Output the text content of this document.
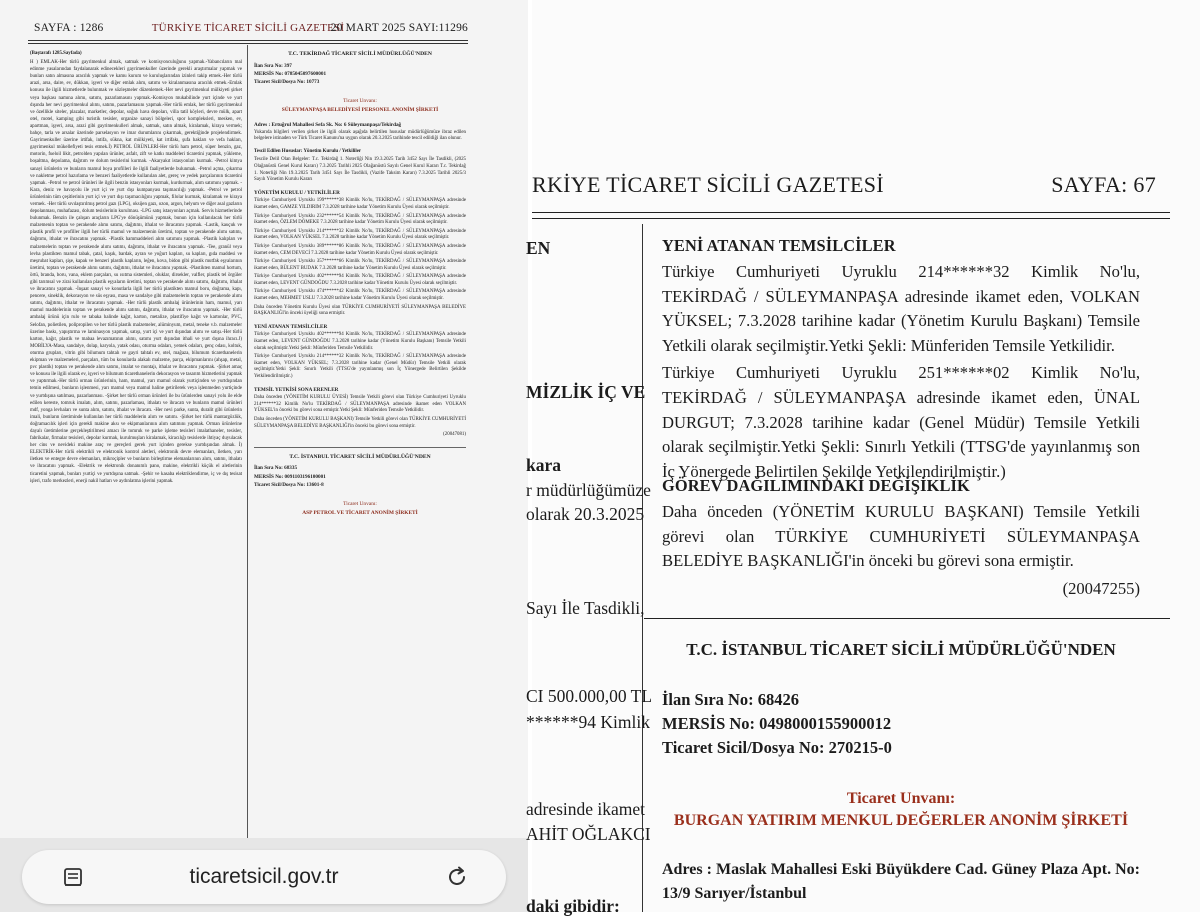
SAYFA : 1286	TÜRKİYE TİCARET SİCİLİ GAZETESİ
20 MART 2025 SAYI:11296
(Baştarafı 1285.Sayfada)
H ) EMLAK-Her türlü gayrimenkul almak, satmak ve komisyonculuğunu yapmak.-Yabancıların mal edinme yasalarından faydalanarak edinecekleri gayrimenkuller üzerinde gerekli araştırmalar yapmak ve bunları satın almasına aracılık yapmak ve kamu kurum ve kuruluşlarından izinleri takip etmek.-Her türlü arazi, arsa, daire, ev, dükkan, işyeri ve diğer emlak alım, satımı ve kiralanmasına aracılık etmek.-Emlak konusu ile ilgili hizmetlerde bulunmak ve sözleşmeler düzenlemek.-Her nevi gayrimenkul mülkiyeti şirket veya başkası namına alımı, satımı, pazarlamasını yapmak.-Komisyon mukabilinde yurt içinde ve yurt dışında her nevi gayrimenkul alımı, satımı, pazarlamasını yapmak.-Her türlü emlak, her türlü gayrimenkul ve özellikle siteler, plazalar, marketler, depolar, soğuk hava depoları, villa tatil köyleri, devre mülk, apart otel, motel, kamping gibi turistik tesisler, organize sanayi bölgeleri, spor kompleksleri, mesken, ev, apartman, işyeri, arsa, arazi gibi gayrimenkulleri almak, satmak, satın almak, kiralamak, kiraya vermek; bahçe, tarla ve arsalar üzerinde parselasyon ve imar durumlarını çıkarmak, gerektiğinde projelendirmek. Gayrimenkuller üzerine irtifak, intifa, sükna, kat mülkiyeti, kat irtifakı, şufa hakları ve vefa hakları, gayrimenkul mükellefiyeti tesis etmek.İ) PETROL ÜRÜNLERİ-Her türlü ham petrol, süper benzin, gaz, motorin, fueloil likit, petrolden yapılan ürünler, asfalt, zift ve katkı maddeleri ticaretini yapmak, yükleme, boşaltma, depolama, dağıtım ve dolum tesislerini kurmak. -Akaryakıt istasyonları kurmak. -Petrol kimya sanayi ürünlerin ve bunların mamul boya profilleri ile ilgili faaliyetlerde bulunmak. -Petrol açma, çıkarma ve nakletme petrol hazırlama ve benzeri faaliyetlerde kullanılan alet, gereç ve yedek parçalarının ticaretini yapmak. -Petrol ve petrol ürünleri ile ilgili benzin istasyonları kurmak, kurdurmak, alım satımını yapmak. -Kara, deniz ve havayolu ile yurt içi ve yurt dışı kumpanyası taşımacılığı yapmak. -Petrol ve petrol ürünlerinin tüm çeşitlerinin yurt içi ve yurt dışı taşımacılığını yapmak, filolar kurmak, kiralamak ve kiraya vermek. -Her türlü sıvılaştırılmış petrol gazı (LPG), oksijen gazı, ozon, argon, helyum ve diğer asal gazların depolanması, muhafazası, dolum tesislerinin kurulması. -LPG satış istasyonları açmak. Servis hizmetlerinde bulunmak. Benzin ile çalışan araçların LPG'ye dönüşümünü yapmak, bunun için kullanılacak her türlü malzemenin toptan ve perakende alımı satımı, dağıtımı, ithalat ve ihracatını yapmak. -Lastik, kauçuk ve plastik profil ve profiller ilgili her türlü mamul ve malzemenin üretimi, toptan ve perakende alımı satımı, dağıtımı, ithalat ve ihracatını yapmak. -Plastik hammaddeleri alım satımını yapmak. -Plastik kalıpları ve malzemelerin toptan ve perakende alımı satımı, dağıtımı, ithalat ve ihracatını yapmak. -Tee, granül veya levha plastikten mamul tabak, çatal, kaşık, bardak, ayran ve yoğurt kapları, su kapları, gıda maddesi ve meşrubat kapları, şişe, kapak ve benzeri plastik kapların, leğen, kova, bidon gibi plastik mutfak eşyalarının üretimi, toptan ve perakende alımı satımı, dağıtımı, ithalat ve ihracatını yapmak. -Plastikten mamul hortum, örtü, branda, boru, vana, eklem parçaları, su ısıtma sistemleri, oluklar, dirsekler, valfler, plastik tel örgüler gibi tarımsal ve zirai kullanılan plastik eşyaların üretimi, toptan ve perakende alımı satımı, dağıtımı, ithalat ve ihracatını yapmak. -İnşaat sanayi ve konutlarla ilgili her türlü plastikten mamul boru, doğrama, kapı, pencere, sineklik, dekorasyon ve süs eşyası, masa ve sandalye gibi malzemelerin toptan ve perakende alımı satımı, dağıtımı, ithalat ve ihracatını yapmak. -Her türlü plastik ambalaj ürünlerinin ham, mamul, yarı mamul maddelerinin toptan ve perakende alımı satımı, dağıtımı, ithalat ve ihracatını yapmak. -Her türlü ambalaj ürünü için rulo ve tabaka halinde kağıt, karton, metalize, plastifiye kağıt ve kartonlar, PVC, Selofan, polietilen, polipropilen ve her türlü plastik malzemeler, alüminyum, metal, teneke v.b. malzemeler üzerine baskı, yapıştırma ve laminasyon yapmak, satışı, yurt içi ve yurt dışından alımı ve satışı.-Her türlü karton, kağıt, plastik ve mabaa levazımatının alımı, satımı yurt dışından ithali ve yurt dışına ihracı.J) MOBİLYA-Masa, sandalye, dolap, karyola, yatak odası, oturma odaları, yemek odaları, genç odası, koltuk, oturma grupları, vitrin gibi bilumum tahtalı ve gayri tahtalı ev, otel, mağaza, bilumum ticarethanelerin ekipman ve malzemeleri, parçaları, tüm bu konularda alakalı malzeme, parça, ekipmanlarını (ahşap, metal, pvc plastik) toptan ve perakende alım satımı, imalat ve montajı, ithalat ve ihracatını yapmak. -Şirket amaç ve konusu ile ilgili olarak ev, işyeri ve bilumum ticarethanelerin dekorasyon ve tasarım hizmetlerini yapmak ve yaptırmak.-Her türlü orman ürünlerinin, ham, mamul, yarı mamul olarak yurtiçinden ve yurtdışından temin edilmesi, bunların işlenmesi, yarı mamul veya mamul haline getirilerek veya işlenmeden yurtiçinde ve yurtdışına satılması, pazarlanması. -Şirket her türlü orman ürünleri ile bu ürünlerden sanayi yolu ile elde edilen kereste, tomruk imalatı, alım, satımı, pazarlaması, ithalatı ve ihracatı ve bunların mamul ürünleri mdf, yonga levhaları ve sunta alım, satımı, ithalat ve ihracatı. -Her nevi parke, sunta, duralit gibi ürünlerin imali, bunların üretiminde kullanılan her türlü maddelerin alım ve satımı. -Şirket her türlü mantargözlük, doğramacılık işleri için gerekli makine aksı ve ekipmanlarının alım satımını yapmak. Orman ürünlerine dayalı üretimlerine gerçekleştirilmesi amacı ile tomruk ve parke işleme tesisleri imalathaneler, tesisler, fabrikalar, firmalar tesisleri, depolar kurmak, kurulmuşları kiralamak, kiracılığı tesislerde ihtiyaç duyulacak her cins ve nevideki makine araç ve gereçleri gerek yurt içinden gerekse yurtdışından almak. İ) ELEKTRİK-Her türlü elektrikli ve elektronik kontrol aletleri, elektronik devre elemanları, iletken, yarı iletken ve entegre devre elemanları, mikroçipler ve bunların birleştirme elemanlarının alım, satımı, ithalatı ve ihracatını yapmak. -Elektrik ve elektronik donanımlı pano, makine, elektrikli küçük el aletlerinin ticaretini yapmak, bunları yurtiçi ve yurtdışına satmak. -Şehir ve kasaba elektriklendirme, iç ve dış tesisat işleri, trafo merkezleri, enerji nakil hatları ve aydınlatma işlerini yapmak.
T.C. TEKİRDAĞ TİCARET SİCİLİ MÜDÜRLÜĞÜ'NDEN
İlan Sıra No: 397
MERSİS No: 0785045097600001
Ticaret Sicil/Dosya No: 10773
Ticaret Unvanı:
SÜLEYMANPAŞA BELEDİYESİ PERSONEL ANONİM ŞİRKETİ
Adres : Ertuğrul Mahallesi Sefa Sk. No: 6 Süleymanpaşa/Tekirdağ
Yukarıda bilgileri verilen şirket ile ilgili olarak aşağıda belirtilen hususlar müdürlüğümüze ibraz edilen belgelere istinaden ve Türk Ticaret Kanunu'na uygun olarak 20.3.2025 tarihinde tescil edildiği ilan olunur.
Tescil Edilen Hususlar: Yönetim Kurulu / Yetkililer
Tescile Delil Olan Belgeler: T.c. Tekirdağ 1. Noterliği Nin 19.3.2025 Tarih 3452 Sayı İle Tasdikli, (2025 Olağanüstü Genel Kurul Kararı) 7.3.2025 Tarihli 2025 Olağanüstü Sayılı Genel Kurul Kararı T.c. Tekirdağ 1. Noterliği Nin 19.3.2025 Tarih 3451 Sayı İle Tasdikli, (Vazife Taksim Kararı) 7.3.2025 Tarihli 2025/3 Sayılı Yönetim Kurulu Kararı
YÖNETİM KURULU / YETKİLİLER
Türkiye Cumhuriyeti Uyruklu 199******38 Kimlik No'lu, TEKİRDAĞ / SÜLEYMANPAŞA adresinde ikamet eden, GAMZE YILDIRIM 7.3.2028 tarihine kadar Yönetim Kurulu Üyesi olarak seçilmiştir.
Türkiye Cumhuriyeti Uyruklu 232******54 Kimlik No'lu, TEKİRDAĞ / SÜLEYMANPAŞA adresinde ikamet eden, ÖZLEM DÖMEKE 7.3.2028 tarihine kadar Yönetim Kurulu Üyesi olarak seçilmiştir.
Türkiye Cumhuriyeti Uyruklu 214******32 Kimlik No'lu, TEKİRDAĞ / SÜLEYMANPAŞA adresinde ikamet eden, VOLKAN YÜKSEL 7.3.2028 tarihine kadar Yönetim Kurulu Üyesi olarak seçilmiştir.
Türkiye Cumhuriyeti Uyruklu 389******86 Kimlik No'lu, TEKİRDAĞ / SÜLEYMANPAŞA adresinde ikamet eden, CEM DEVECİ 7.3.2028 tarihine kadar Yönetim Kurulu Üyesi olarak seçilmiştir.
Türkiye Cumhuriyeti Uyruklu 357******66 Kimlik No'lu, TEKİRDAĞ / SÜLEYMANPAŞA adresinde ikamet eden, BÜLENT BUDAK 7.3.2028 tarihine kadar Yönetim Kurulu Üyesi olarak seçilmiştir.
Türkiye Cumhuriyeti Uyruklu 402******94 Kimlik No'lu, TEKİRDAĞ / SÜLEYMANPAŞA adresinde ikamet eden, LEVENT GÜNDOĞDU 7.3.2028 tarihine kadar Yönetim Kurulu Üyesi olarak seçilmiştir.
Türkiye Cumhuriyeti Uyruklu 474******42 Kimlik No'lu, TEKİRDAĞ / SÜLEYMANPAŞA adresinde ikamet eden, MEHMET USLU 7.3.2028 tarihine kadar Yönetim Kurulu Üyesi olarak seçilmiştir.
Daha önceden Yönetim Kurulu Üyesi olan TÜRKİYE CUMHURİYETİ SÜLEYMANPAŞA BELEDİYE BAŞKANLIĞI'in önceki üyeliği sona ermiştir.
YENİ ATANAN TEMSİLCİLER
Türkiye Cumhuriyeti Uyruklu 402******94 Kimlik No'lu, TEKİRDAĞ / SÜLEYMANPAŞA adresinde ikamet eden, LEVENT GÜNDOĞDU 7.3.2028 tarihine kadar (Yönetim Kurulu Başkanı) Temsile Yetkili olarak seçilmiştir.Yetki Şekli: Münferiden Temsile Yetkilidir.
Türkiye Cumhuriyeti Uyruklu 214******32 Kimlik No'lu, TEKİRDAĞ / SÜLEYMANPAŞA adresinde ikamet eden, VOLKAN YÜKSEL; 7.3.2028 tarihine kadar (Genel Müdür) Temsile Yetkili olarak seçilmiştir.Yetki Şekli: Sınırlı Yetkili (TTSG'de yayınlanmış son İç Yönergede Belirtilen Şekilde Yetkilendirilmiştir.)
TEMSİL YETKİSİ SONA ERENLER
Daha önceden (YÖNETİM KURULU ÜYESİ) Temsile Yetkili görevi olan Türkiye Cumhuriyeti Uyruklu 214******32 Kimlik No'lu TEKİRDAĞ / SÜLEYMANPAŞA adresinde ikamet eden VOLKAN YÜKSEL'in önceki bu görevi sona ermiştir.Yetki Şekli: Münferiden Temsile Yetkilidir.
Daha önceden (YÖNETİM KURULU BAŞKANI) Temsile Yetkili görevi olan TÜRKİYE CUMHURİYETİ SÜLEYMANPAŞA BELEDİYE BAŞKANLIĞI'in önceki bu görevi sona ermiştir.
(20047081)
T.C. İSTANBUL TİCARET SİCİLİ MÜDÜRLÜĞÜ'NDEN
İlan Sıra No: 68335
MERSİS No: 0091103196100001
Ticaret Sicil/Dosya No: 13601-8
Ticaret Unvanı:
ASP PETROL VE TİCARET ANONİM ŞİRKETİ
ticaretsicil.gov.tr
RKİYE TİCARET SİCİLİ GAZETESİ	SAYFA: 67
EN
MİZLİK İÇ VE
kara
r müdürlüğümüze
olarak 20.3.2025
Sayı İle Tasdikli,
CI 500.000,00 TL
******94 Kimlik
adresinde ikamet
AHİT OĞLAKCI
daki gibidir:
YENİ ATANAN TEMSİLCİLER
Türkiye Cumhuriyeti Uyruklu 214******32 Kimlik No'lu, TEKİRDAĞ / SÜLEYMANPAŞA adresinde ikamet eden, VOLKAN YÜKSEL; 7.3.2028 tarihine kadar (Yönetim Kurulu Başkanı) Temsile Yetkili olarak seçilmiştir.Yetki Şekli: Münferiden Temsile Yetkilidir.
Türkiye Cumhuriyeti Uyruklu 251******02 Kimlik No'lu, TEKİRDAĞ / SÜLEYMANPAŞA adresinde ikamet eden, ÜNAL DURGUT; 7.3.2028 tarihine kadar (Genel Müdür) Temsile Yetkili olarak seçilmiştir.Yetki Şekli: Sınırlı Yetkili (TTSG'de yayınlanmış son İç Yönergede Belirtilen Şekilde Yetkilendirilmiştir.)
GÖREV DAĞILIMINDAKİ DEĞİŞİKLİK
Daha önceden (YÖNETİM KURULU BAŞKANI) Temsile Yetkili görevi olan TÜRKİYE CUMHURİYETİ SÜLEYMANPAŞA BELEDİYE BAŞKANLIĞI'in önceki bu görevi sona ermiştir.
(20047255)
T.C. İSTANBUL TİCARET SİCİLİ MÜDÜRLÜĞÜ'NDEN
İlan Sıra No: 68426
MERSİS No: 0498000155900012
Ticaret Sicil/Dosya No: 270215-0
Ticaret Unvanı:
BURGAN YATIRIM MENKUL DEĞERLER ANONİM ŞİRKETİ
Adres : Maslak Mahallesi Eski Büyükdere Cad. Güney Plaza Apt. No: 13/9 Sarıyer/İstanbul
